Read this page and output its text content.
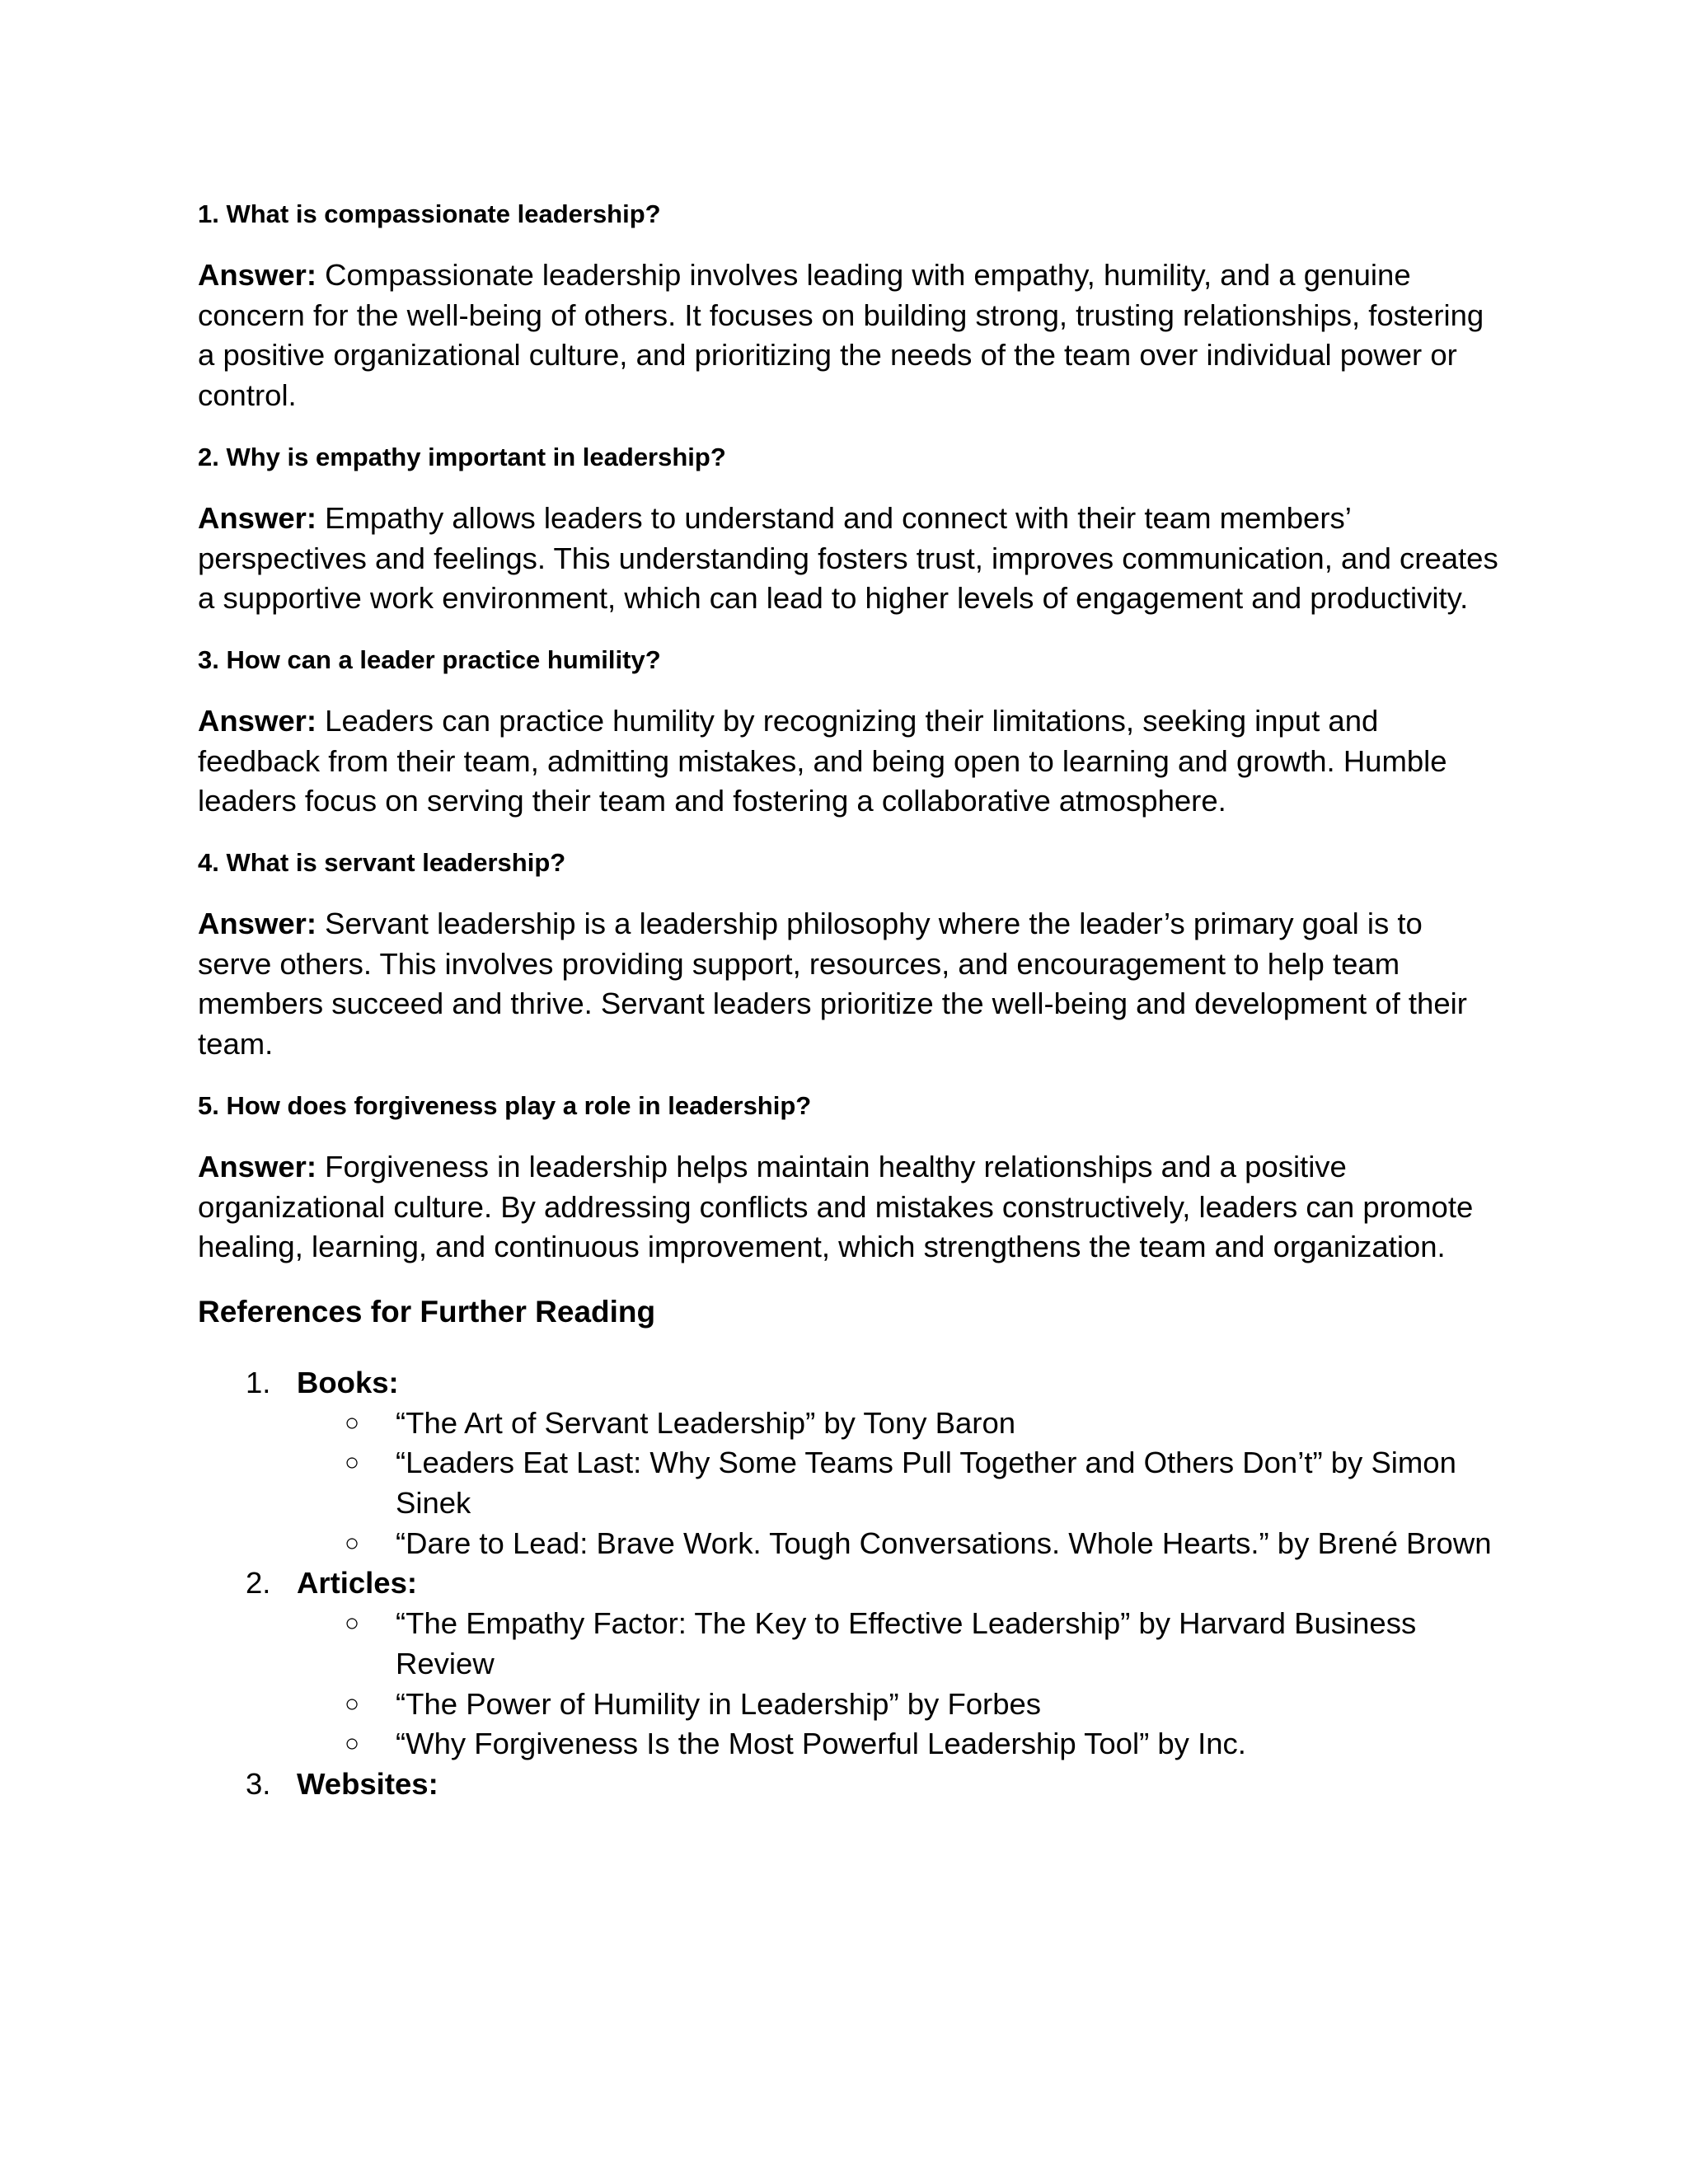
1. What is compassionate leadership?

Answer: Compassionate leadership involves leading with empathy, humility, and a genuine concern for the well-being of others. It focuses on building strong, trusting relationships, fostering a positive organizational culture, and prioritizing the needs of the team over individual power or control.

2. Why is empathy important in leadership?

Answer: Empathy allows leaders to understand and connect with their team members’ perspectives and feelings. This understanding fosters trust, improves communication, and creates a supportive work environment, which can lead to higher levels of engagement and productivity.

3. How can a leader practice humility?

Answer: Leaders can practice humility by recognizing their limitations, seeking input and feedback from their team, admitting mistakes, and being open to learning and growth. Humble leaders focus on serving their team and fostering a collaborative atmosphere.

4. What is servant leadership?

Answer: Servant leadership is a leadership philosophy where the leader’s primary goal is to serve others. This involves providing support, resources, and encouragement to help team members succeed and thrive. Servant leaders prioritize the well-being and development of their team.

5. How does forgiveness play a role in leadership?

Answer: Forgiveness in leadership helps maintain healthy relationships and a positive organizational culture. By addressing conflicts and mistakes constructively, leaders can promote healing, learning, and continuous improvement, which strengthens the team and organization.

References for Further Reading
1. Books:
○ “The Art of Servant Leadership” by Tony Baron
○ “Leaders Eat Last: Why Some Teams Pull Together and Others Don’t” by Simon Sinek
○ “Dare to Lead: Brave Work. Tough Conversations. Whole Hearts.” by Brené Brown
2. Articles:
○ “The Empathy Factor: The Key to Effective Leadership” by Harvard Business Review
○ “The Power of Humility in Leadership” by Forbes
○ “Why Forgiveness Is the Most Powerful Leadership Tool” by Inc.
3. Websites:
